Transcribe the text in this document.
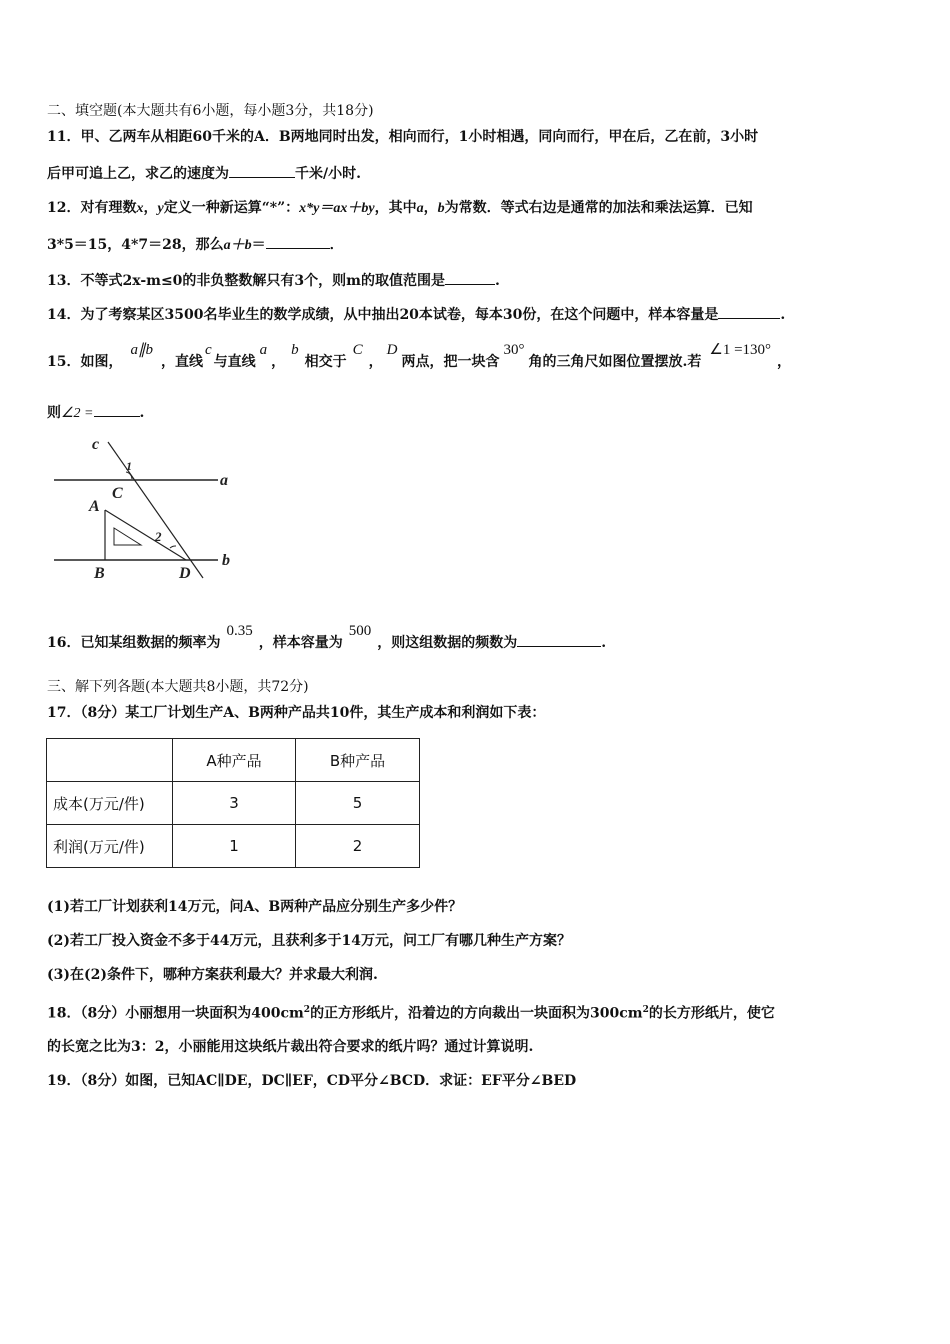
二、填空题(本大题共有6小题，每小题3分，共18分)
11．甲、乙两车从相距60千米的A．B两地同时出发，相向而行，1小时相遇，同向而行，甲在后，乙在前，3小时
后甲可追上乙，求乙的速度为	千米/小时.
12．对有理数x，y定义一种新运算“*”：x*y＝ax＋by，其中a，b为常数．等式右边是通常的加法和乘法运算．已知
3*5＝15，4*7＝28，那么a＋b＝	．
13．不等式2x-m≤0的非负整数解只有3个，则m的取值范围是	.
14．为了考察某区3500名毕业生的数学成绩，从中抽出20本试卷，每本30份，在这个问题中，样本容量是	.
15．如图，a∥b，直线c与直线a，b相交于C，D两点，把一块含30°角的三角尺如图位置摆放.若∠1 =130°，
则∠2 =	.
c
1
a
C
A
2
B	D
b
16．已知某组数据的频率为0.35，样本容量为500，则这组数据的频数为	.
三、解下列各题(本大题共8小题，共72分)
17．（8分）某工厂计划生产A、B两种产品共10件，其生产成本和利润如下表：
	A种产品	B种产品
成本(万元/件)	3	5
利润(万元/件)	1	2
(1)若工厂计划获利14万元，问A、B两种产品应分别生产多少件？
(2)若工厂投入资金不多于44万元，且获利多于14万元，问工厂有哪几种生产方案？
(3)在(2)条件下，哪种方案获利最大？并求最大利润.
18．（8分）小丽想用一块面积为$400cm^2$的正方形纸片，沿着边的方向裁出一块面积为$300cm^2$的长方形纸片，使它
的长宽之比为3：2，小丽能用这块纸片裁出符合要求的纸片吗？通过计算说明.
19．（8分）如图，已知AC∥DE，DC∥EF，CD平分∠BCD．求证：EF平分∠BED
